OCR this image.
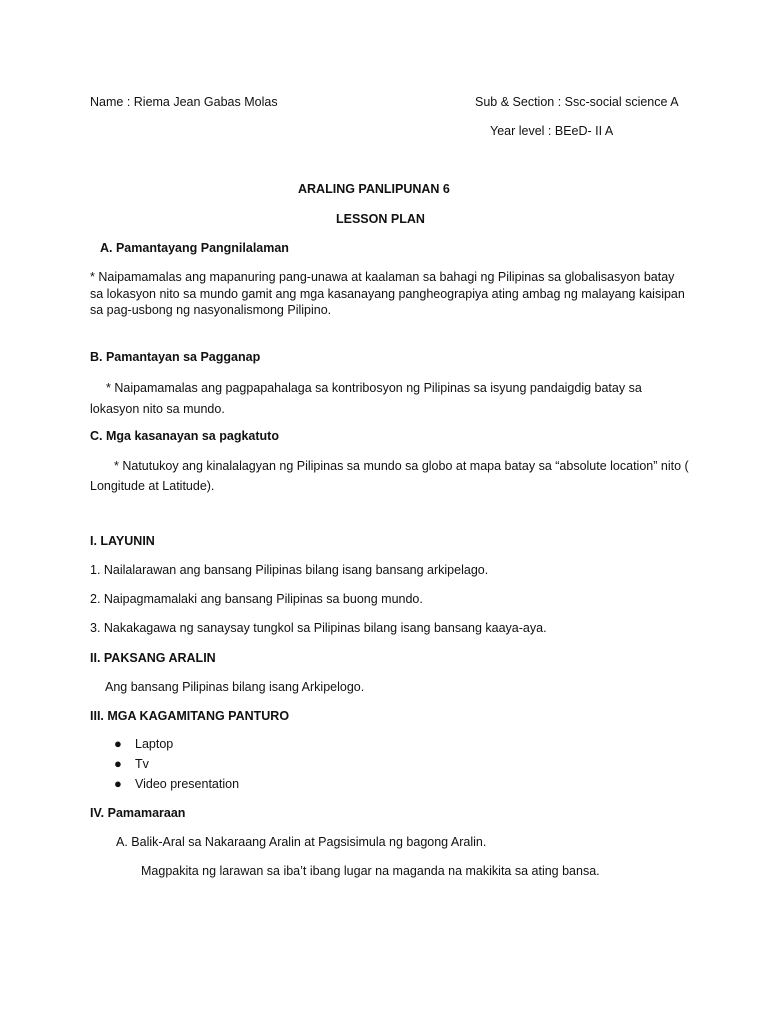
Name : Riema Jean Gabas Molas	Sub & Section : Ssc-social science A
Year level : BEeD- II A
ARALING PANLIPUNAN 6
LESSON PLAN
A. Pamantayang Pangnilalaman
* Naipamamalas ang mapanuring pang-unawa at kaalaman sa bahagi ng Pilipinas sa globalisasyon batay sa lokasyon nito sa mundo gamit ang mga kasanayang pangheograpiya ating ambag ng malayang kaisipan sa pag-usbong ng nasyonalismong Pilipino.
B. Pamantayan sa Pagganap
* Naipamamalas ang pagpapahalaga sa kontribosyon ng Pilipinas sa isyung pandaigdig batay sa lokasyon nito sa mundo.
C. Mga kasanayan sa pagkatuto
* Natutukoy ang kinalalagyan ng Pilipinas sa mundo sa globo at mapa batay sa “absolute location” nito ( Longitude at Latitude).
I. LAYUNIN
1. Nailalarawan ang bansang Pilipinas bilang isang bansang arkipelago.
2. Naipagmamalaki ang bansang Pilipinas sa buong mundo.
3. Nakakagawa ng sanaysay tungkol sa Pilipinas bilang isang bansang kaaya-aya.
II. PAKSANG ARALIN
Ang bansang Pilipinas bilang isang Arkipelogo.
III. MGA KAGAMITANG PANTURO
● Laptop
● Tv
● Video presentation
IV. Pamamaraan
A. Balik-Aral sa Nakaraang Aralin at Pagsisimula ng bagong Aralin.
Magpakita ng larawan sa iba’t ibang lugar na maganda na makikita sa ating bansa.
